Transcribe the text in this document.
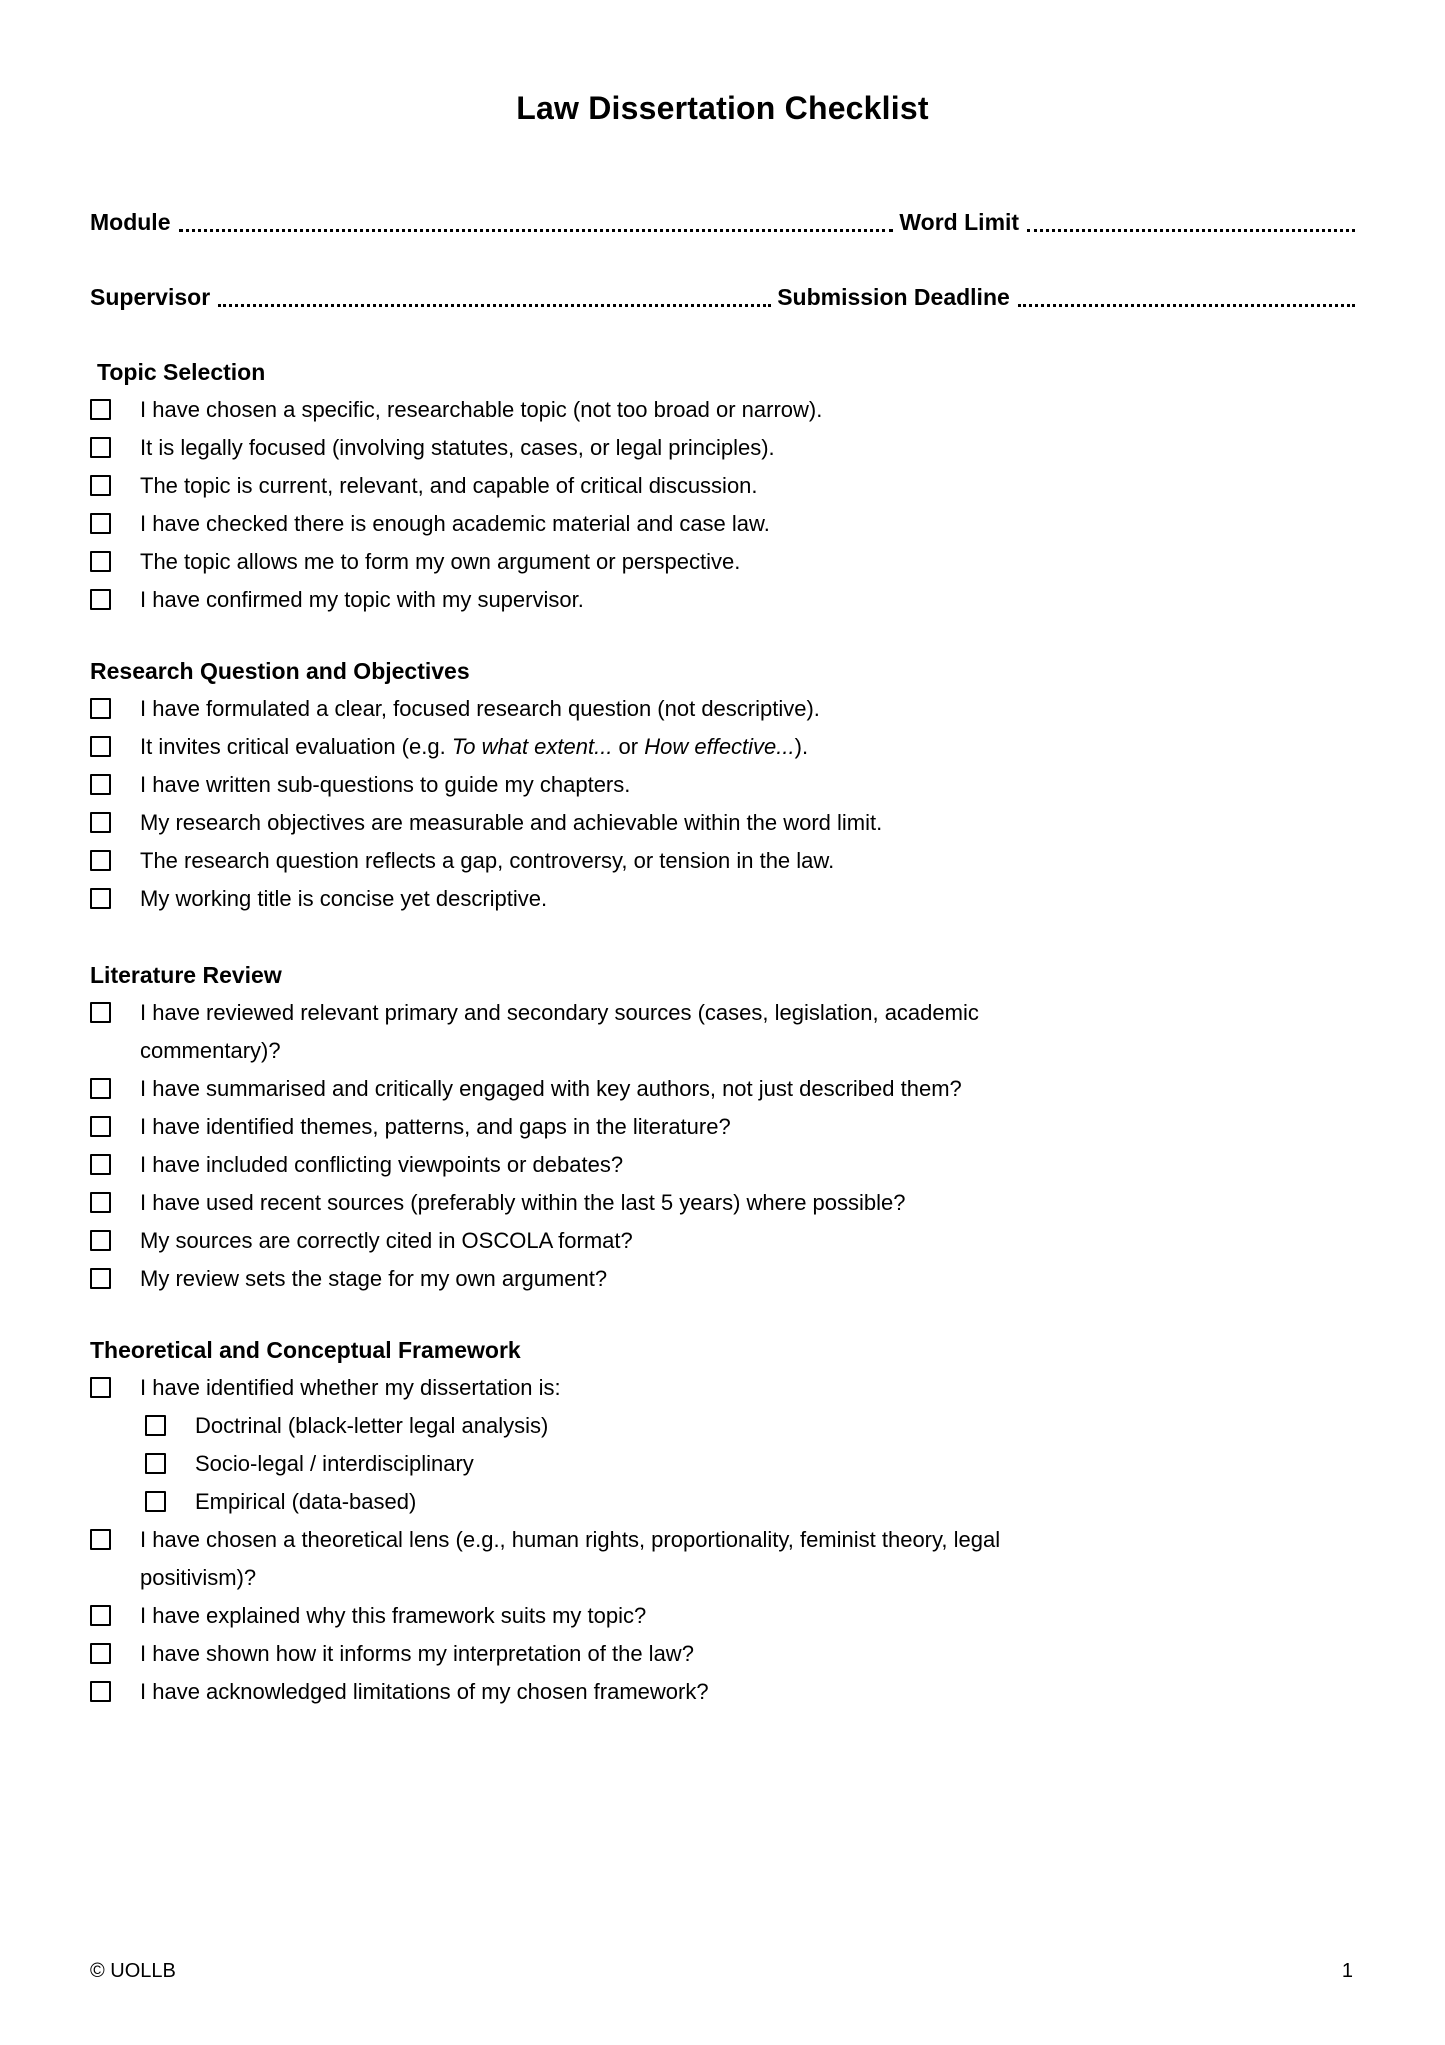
Law Dissertation Checklist
Module	Word Limit
Supervisor	Submission Deadline
Topic Selection
I have chosen a specific, researchable topic (not too broad or narrow).
It is legally focused (involving statutes, cases, or legal principles).
The topic is current, relevant, and capable of critical discussion.
I have checked there is enough academic material and case law.
The topic allows me to form my own argument or perspective.
I have confirmed my topic with my supervisor.
Research Question and Objectives
I have formulated a clear, focused research question (not descriptive).
It invites critical evaluation (e.g. To what extent... or How effective...).
I have written sub-questions to guide my chapters.
My research objectives are measurable and achievable within the word limit.
The research question reflects a gap, controversy, or tension in the law.
My working title is concise yet descriptive.
Literature Review
I have reviewed relevant primary and secondary sources (cases, legislation, academic
commentary)?
I have summarised and critically engaged with key authors, not just described them?
I have identified themes, patterns, and gaps in the literature?
I have included conflicting viewpoints or debates?
I have used recent sources (preferably within the last 5 years) where possible?
My sources are correctly cited in OSCOLA format?
My review sets the stage for my own argument?
Theoretical and Conceptual Framework
I have identified whether my dissertation is:
Doctrinal (black-letter legal analysis)
Socio-legal / interdisciplinary
Empirical (data-based)
I have chosen a theoretical lens (e.g., human rights, proportionality, feminist theory, legal
positivism)?
I have explained why this framework suits my topic?
I have shown how it informs my interpretation of the law?
I have acknowledged limitations of my chosen framework?
© UOLLB	1
